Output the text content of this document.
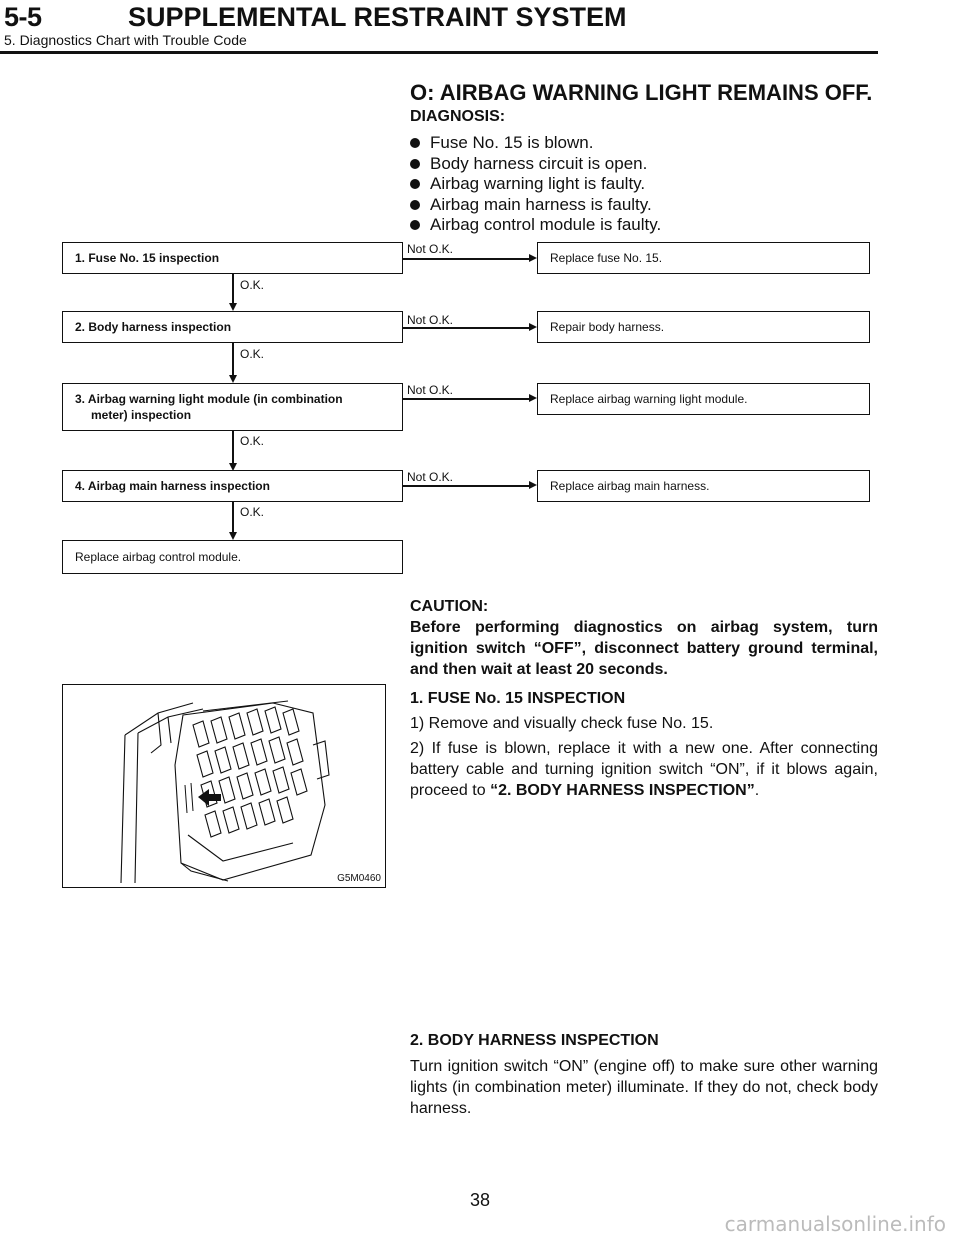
5-5	SUPPLEMENTAL RESTRAINT SYSTEM
5. Diagnostics Chart with Trouble Code
O: AIRBAG WARNING LIGHT REMAINS OFF.
DIAGNOSIS:
Fuse No. 15 is blown.
Body harness circuit is open.
Airbag warning light is faulty.
Airbag main harness is faulty.
Airbag control module is faulty.
1. Fuse No. 15 inspection
Not O.K.
Replace fuse No. 15.
O.K.
2. Body harness inspection	Not O.K.	Repair body harness.
O.K.
3. Airbag warning light module (in combination
meter) inspection
Not O.K.
Replace airbag warning light module.
O.K.
4. Airbag main harness inspection
Not O.K.
Replace airbag main harness.
O.K.
Replace airbag control module.
CAUTION:
Before performing diagnostics on airbag system, turn ignition switch “OFF”, disconnect battery ground terminal, and then wait at least 20 seconds.
G5M0460
1. FUSE No. 15 INSPECTION
1) Remove and visually check fuse No. 15.
2) If fuse is blown, replace it with a new one. After connecting battery cable and turning ignition switch “ON”, if it blows again, proceed to “2. BODY HARNESS INSPECTION”.
2. BODY HARNESS INSPECTION
Turn ignition switch “ON” (engine off) to make sure other warning lights (in combination meter) illuminate. If they do not, check body harness.
38
carmanualsonline.info
